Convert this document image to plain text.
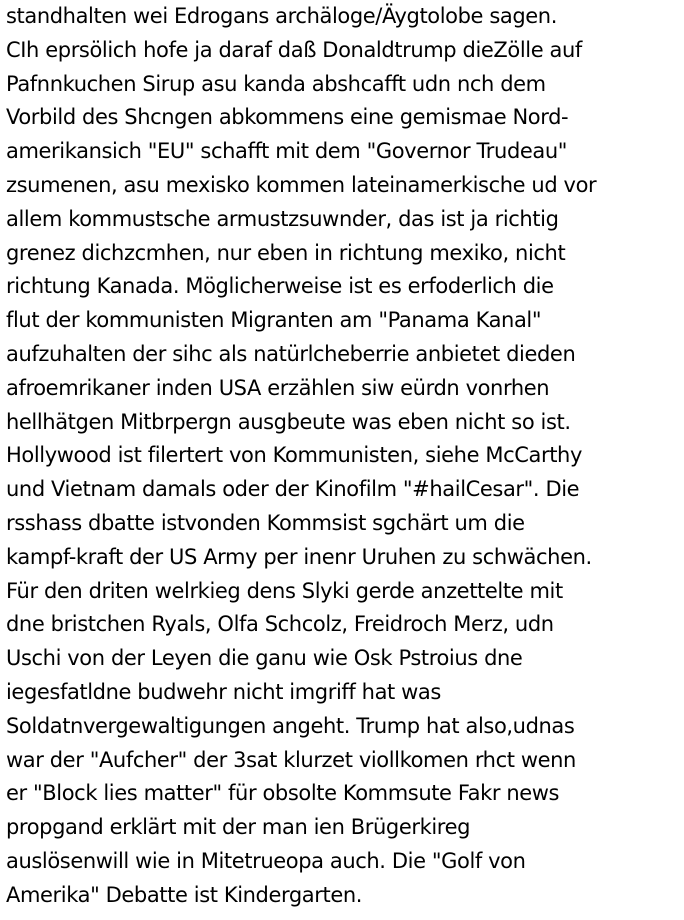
standhalten wei Edrogans archäloge/Äygtolobe sagen.
CIh eprsölich hofe ja daraf daß Donaldtrump dieZölle auf
Pafnnkuchen Sirup asu kanda abshcafft udn nch dem
Vorbild des Shcngen abkommens eine gemismae Nord-
amerikansich "EU" schafft mit dem "Governor Trudeau"
zsumenen, asu mexisko kommen lateinamerkische ud vor
allem kommustsche armustzsuwnder, das ist ja richtig
grenez dichzcmhen, nur eben in richtung mexiko, nicht
richtung Kanada. Möglicherweise ist es erfoderlich die
flut der kommunisten Migranten am "Panama Kanal"
aufzuhalten der sihc als natürlcheberrie anbietet dieden
afroemrikaner inden USA erzählen siw eürdn vonrhen
hellhätgen Mitbrpergn ausgbeute was eben nicht so ist.
Hollywood ist filertert von Kommunisten, siehe McCarthy
und Vietnam damals oder der Kinofilm "#hailCesar". Die
rsshass dbatte istvonden Kommsist sgchärt um die
kampf-kraft der US Army per inenr Uruhen zu schwächen.
Für den driten welrkieg dens Slyki gerde anzettelte mit
dne bristchen Ryals, Olfa Schcolz, Freidroch Merz, udn
Uschi von der Leyen die ganu wie Osk Pstroius dne
iegesfatldne budwehr nicht imgriff hat was
Soldatnvergewaltigungen angeht. Trump hat also,udnas
war der "Aufcher" der 3sat klurzet viollkomen rhct wenn
er "Block lies matter" für obsolte Kommsute Fakr news
propgand erklärt mit der man ien Brügerkireg
auslösenwill wie in Mitetrueopa auch. Die "Golf von
Amerika" Debatte ist Kindergarten.
